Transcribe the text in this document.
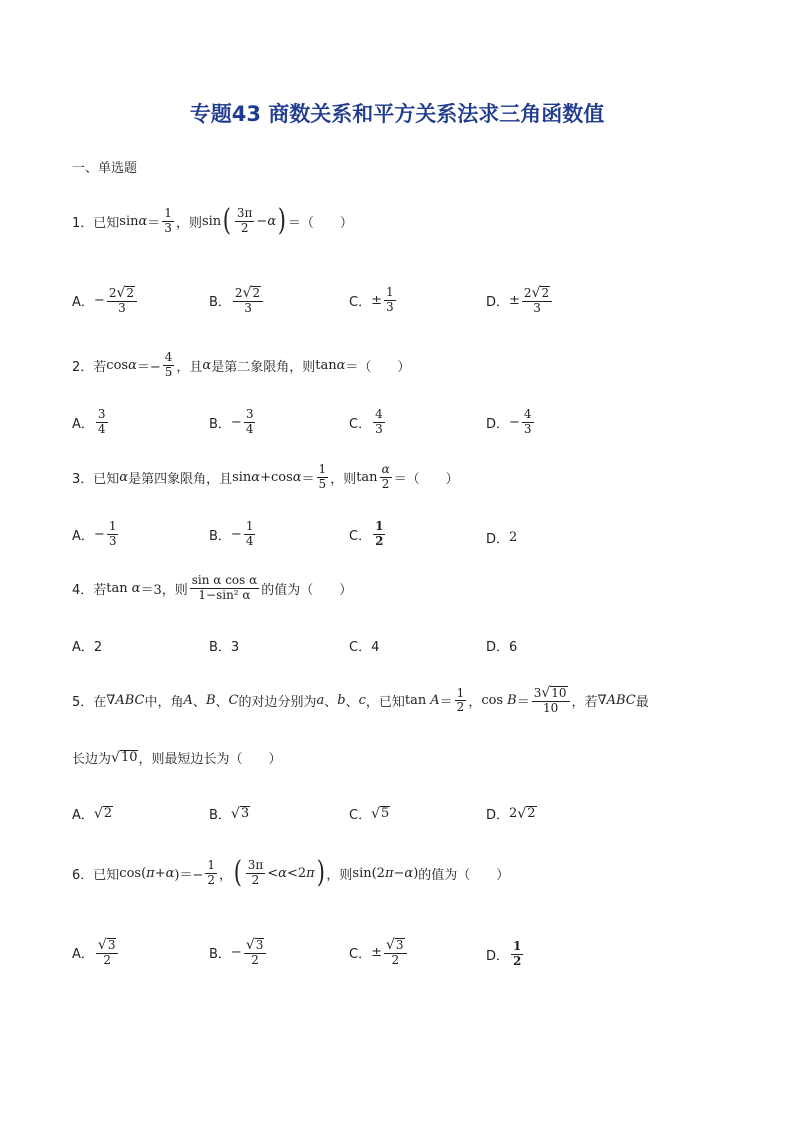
专题43 商数关系和平方关系法求三角函数值
一、单选题
1． 已知 $\sin \alpha = \frac{1}{3}$ ，则 sin ( $\frac{3\pi}{2} - \alpha$ ) ＝（　　）
A． − $\frac{2 √ 2}{3}$	B． $\frac{2 √ 2}{3}$	C． ± $\frac{1}{3}$	D． ± $\frac{2 √ 2}{3}$
2． 若 $\cos \alpha =- \frac{4}{5}$ ，且 α 是第二象限角，则 tan α ＝（　　）
A． $\frac{3}{4}$	B． − $\frac{3}{4}$	C． $\frac{4}{3}$	D． − $\frac{4}{3}$
3． 已知 α 是第四象限角，且 sin α +cos $\alpha = \frac{1}{5}$ ，则 $\tan \frac{\alpha}{2}$ ＝（　　）
A． − $\frac{1}{3}$	B． − $\frac{1}{4}$	C． $\frac{1}{2}$	D． 2
4． 若 tan α ＝3 ，则 $\frac{\text{sin α cos α}}{\text{1−sin² α}}$ 的值为（　　）
A．2	B．3	C．4	D．6
5． 在 ∇ ABC 中，角 A 、 B 、 C 的对边分别为 a 、 b 、 c ，已知 $\tan A = \frac{1}{2}$ ， $\cos B = \frac{3 √ 10}{10}$ ，若 ∇ ABC 最
长边为 √ 10 ，则最短边长为（　　）
A． √ 2	B． √ 3	C． √ 5	D． 2 √ 2
6． 已知 cos ( π + α )＝− $\frac{1}{2}$ ， ( $\frac{3\pi}{2} < \alpha <2$ π ) ，则 sin (2 π − α ) 的值为（　　）
A． $\frac{√ 3}{2}$	B． − $\frac{√ 3}{2}$	C． ± $\frac{√ 3}{2}$	D． $\frac{1}{2}$
